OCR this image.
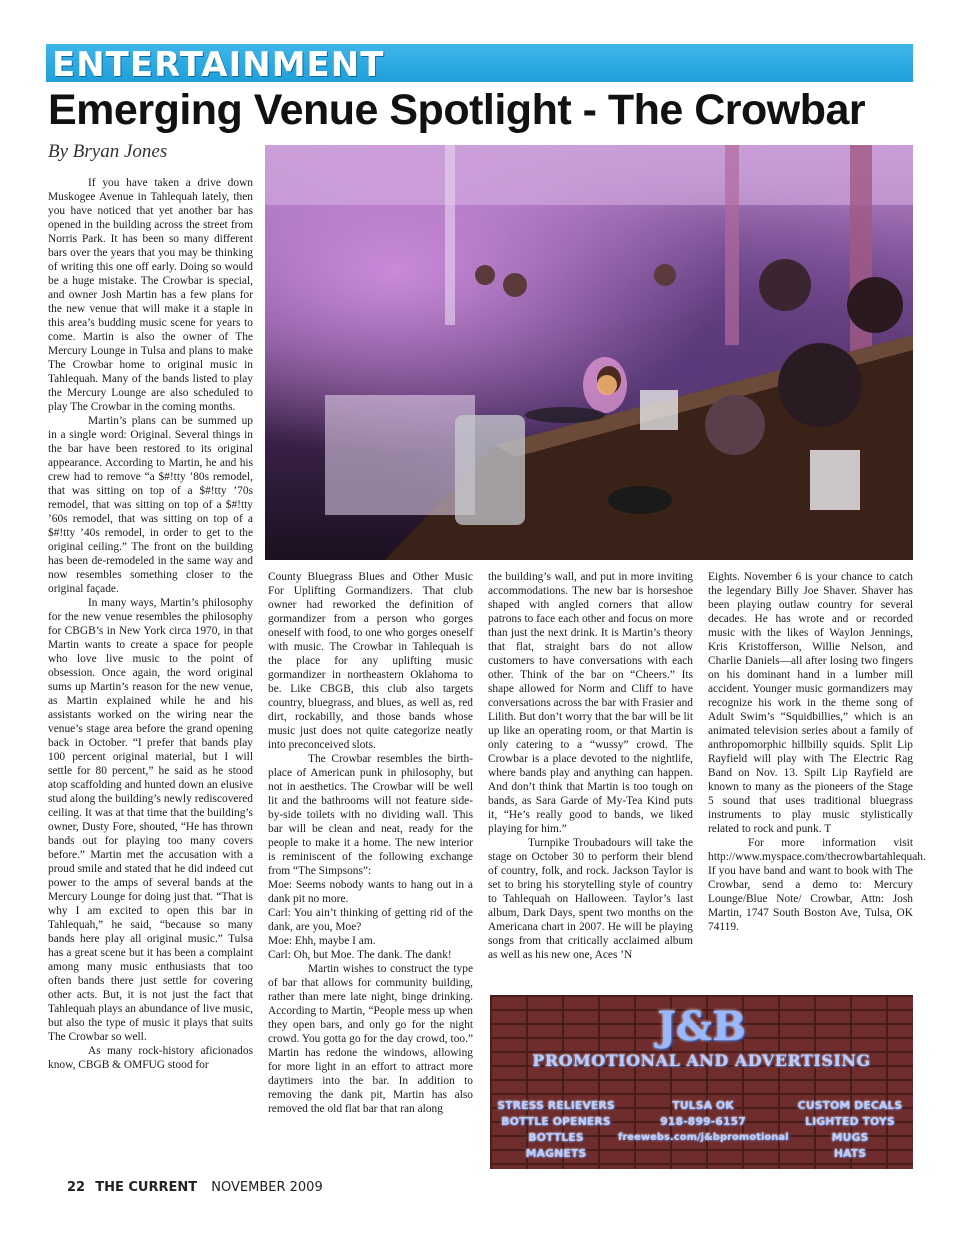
ENTERTAINMENT
Emerging Venue Spotlight - The Crowbar
By Bryan Jones

If you have taken a drive down Muskogee Avenue in Tahlequah lately, then you have noticed that yet another bar has opened in the building across the street from Norris Park. It has been so many different bars over the years that you may be thinking of writing this one off early. Doing so would be a huge mistake. The Crowbar is special, and owner Josh Martin has a few plans for the new venue that will make it a staple in this area’s budding music scene for years to come. Martin is also the owner of The Mercury Lounge in Tulsa and plans to make The Crowbar home to original music in Tahlequah. Many of the bands listed to play the Mercury Lounge are also scheduled to play The Crowbar in the coming months.

Martin’s plans can be summed up in a single word: Original. Several things in the bar have been restored to its original appearance. According to Martin, he and his crew had to remove “a $#!tty ’80s remodel, that was sitting on top of a $#!tty ’70s remodel, that was sitting on top of a $#!tty ’60s remodel, that was sitting on top of a $#!tty ’40s remodel, in order to get to the original ceiling.” The front on the building has been de-remodeled in the same way and now resembles something closer to the original façade.

In many ways, Martin’s philosophy for the new venue resembles the philosophy for CBGB’s in New York circa 1970, in that Martin wants to create a space for people who love live music to the point of obsession. Once again, the word original sums up Martin’s reason for the new venue, as Martin explained while he and his assistants worked on the wiring near the venue’s stage area before the grand opening back in October. “I prefer that bands play 100 percent original material, but I will settle for 80 percent,” he said as he stood atop scaffolding and hunted down an elusive stud along the building’s newly rediscovered ceiling. It was at that time that the building’s owner, Dusty Fore, shouted, “He has thrown bands out for playing too many covers before.” Martin met the accusation with a proud smile and stated that he did indeed cut power to the amps of several bands at the Mercury Lounge for doing just that. “That is why I am excited to open this bar in Tahlequah,” he said, “because so many bands here play all original music.” Tulsa has a great scene but it has been a complaint among many music enthusiasts that too often bands there just settle for covering other acts. But, it is not just the fact that Tahlequah plays an abundance of live music, but also the type of music it plays that suits The Crowbar so well.

As many rock-history aficionados know, CBGB & OMFUG stood for

County Bluegrass Blues and Other Music For Uplifting Gormandizers. That club owner had reworked the definition of gormandizer from a person who gorges oneself with food, to one who gorges oneself with music. The Crowbar in Tahlequah is the place for any uplifting music gormandizer in northeastern Oklahoma to be. Like CBGB, this club also targets country, bluegrass, and blues, as well as, red dirt, rockabilly, and those bands whose music just does not quite categorize neatly into preconceived slots.

The Crowbar resembles the birth-place of American punk in philosophy, but not in aesthetics. The Crowbar will be well lit and the bathrooms will not feature side-by-side toilets with no dividing wall. This bar will be clean and neat, ready for the people to make it a home. The new interior is reminiscent of the following exchange from “The Simpsons”:

Moe: Seems nobody wants to hang out in a dank pit no more.

Carl: You ain’t thinking of getting rid of the dank, are you, Moe?

Moe: Ehh, maybe I am.

Carl: Oh, but Moe. The dank. The dank!

Martin wishes to construct the type of bar that allows for community building, rather than mere late night, binge drinking. According to Martin, “People mess up when they open bars, and only go for the night crowd. You gotta go for the day crowd, too.” Martin has redone the windows, allowing for more light in an effort to attract more daytimers into the bar. In addition to removing the dank pit, Martin has also removed the old flat bar that ran along

the building’s wall, and put in more inviting accommodations. The new bar is horseshoe shaped with angled corners that allow patrons to face each other and focus on more than just the next drink. It is Martin’s theory that flat, straight bars do not allow customers to have conversations with each other. Think of the bar on “Cheers.” Its shape allowed for Norm and Cliff to have conversations across the bar with Frasier and Lilith. But don’t worry that the bar will be lit up like an operating room, or that Martin is only catering to a “wussy” crowd. The Crowbar is a place devoted to the nightlife, where bands play and anything can happen. And don’t think that Martin is too tough on bands, as Sara Garde of My-Tea Kind puts it, “He’s really good to bands, we liked playing for him.”

Turnpike Troubadours will take the stage on October 30 to perform their blend of country, folk, and rock. Jackson Taylor is set to bring his storytelling style of country to Tahlequah on Halloween. Taylor’s last album, Dark Days, spent two months on the Americana chart in 2007. He will be playing songs from that critically acclaimed album as well as his new one, Aces ’N

Eights. November 6 is your chance to catch the legendary Billy Joe Shaver. Shaver has been playing outlaw country for several decades. He has wrote and or recorded music with the likes of Waylon Jennings, Kris Kristofferson, Willie Nelson, and Charlie Daniels—all after losing two fingers on his dominant hand in a lumber mill accident. Younger music gormandizers may recognize his work in the theme song of Adult Swim’s “Squidbillies,” which is an animated television series about a family of anthropomorphic hillbilly squids. Split Lip Rayfield will play with The Electric Rag Band on Nov. 13. Spilt Lip Rayfield are known to many as the pioneers of the Stage 5 sound that uses traditional bluegrass instruments to play music stylistically related to rock and punk. T

For more information visit http://www.myspace.com/thecrowbartahlequah. If you have band and want to book with The Crowbar, send a demo to: Mercury Lounge/Blue Note/ Crowbar, Attn: Josh Martin, 1747 South Boston Ave, Tulsa, OK 74119.

J&B
PROMOTIONAL AND ADVERTISING
STRESS RELIEVERS
BOTTLE OPENERS
BOTTLES
MAGNETS
TULSA OK
918-899-6157
freewebs.com/j&bpromotional
CUSTOM DECALS
LIGHTED TOYS
MUGS
HATS
22 THE CURRENT NOVEMBER 2009
